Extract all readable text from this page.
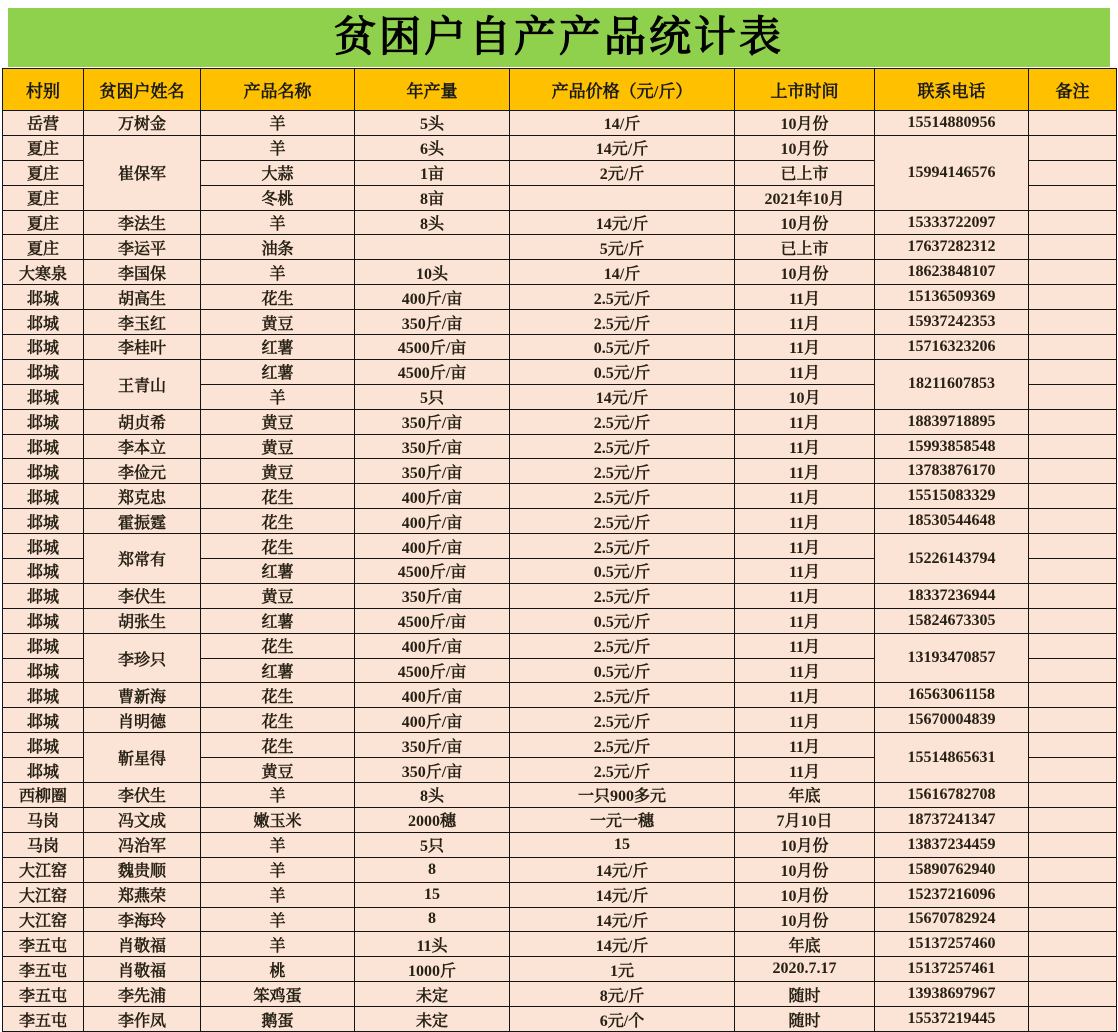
贫困户自产产品统计表
村别	贫困户姓名	产品名称	年产量	产品价格（元/斤）	上市时间	联系电话	备注
岳营	万树金	羊	5头	14/斤	10月份	15514880956	
夏庄	崔保军	羊	6头	14元/斤	10月份	15994146576	
夏庄		大蒜	1亩	2元/斤	已上市		
夏庄		冬桃	8亩		2021年10月		
夏庄	李法生	羊	8头	14元/斤	10月份	15333722097	
夏庄	李运平	油条		5元/斤	已上市	17637282312	
大寒泉	李国保	羊	10头	14/斤	10月份	18623848107	
邶城	胡高生	花生	400斤/亩	2.5元/斤	11月	15136509369	
邶城	李玉红	黄豆	350斤/亩	2.5元/斤	11月	15937242353	
邶城	李桂叶	红薯	4500斤/亩	0.5元/斤	11月	15716323206	
邶城	王青山	红薯	4500斤/亩	0.5元/斤	11月	18211607853	
邶城		羊	5只	14元/斤	10月		
邶城	胡贞希	黄豆	350斤/亩	2.5元/斤	11月	18839718895	
邶城	李本立	黄豆	350斤/亩	2.5元/斤	11月	15993858548	
邶城	李俭元	黄豆	350斤/亩	2.5元/斤	11月	13783876170	
邶城	郑克忠	花生	400斤/亩	2.5元/斤	11月	15515083329	
邶城	霍振霆	花生	400斤/亩	2.5元/斤	11月	18530544648	
邶城	郑常有	花生	400斤/亩	2.5元/斤	11月	15226143794	
邶城		红薯	4500斤/亩	0.5元/斤	11月		
邶城	李伏生	黄豆	350斤/亩	2.5元/斤	11月	18337236944	
邶城	胡张生	红薯	4500斤/亩	0.5元/斤	11月	15824673305	
邶城	李珍只	花生	400斤/亩	2.5元/斤	11月	13193470857	
邶城		红薯	4500斤/亩	0.5元/斤	11月		
邶城	曹新海	花生	400斤/亩	2.5元/斤	11月	16563061158	
邶城	肖明德	花生	400斤/亩	2.5元/斤	11月	15670004839	
邶城	靳星得	花生	350斤/亩	2.5元/斤	11月	15514865631	
邶城		黄豆	350斤/亩	2.5元/斤	11月		
西柳圈	李伏生	羊	8头	一只900多元	年底	15616782708	
马岗	冯文成	嫩玉米	2000穗	一元一穗	7月10日	18737241347	
马岗	冯治军	羊	5只	15	10月份	13837234459	
大江窑	魏贵顺	羊	8	14元/斤	10月份	15890762940	
大江窑	郑燕荣	羊	15	14元/斤	10月份	15237216096	
大江窑	李海玲	羊	8	14元/斤	10月份	15670782924	
李五屯	肖敬福	羊	11头	14元/斤	年底	15137257460	
李五屯	肖敬福	桃	1000斤	1元	2020.7.17	15137257461	
李五屯	李先浦	笨鸡蛋	未定	8元/斤	随时	13938697967	
李五屯	李作凤	鹅蛋	未定	6元/个	随时	15537219445	
